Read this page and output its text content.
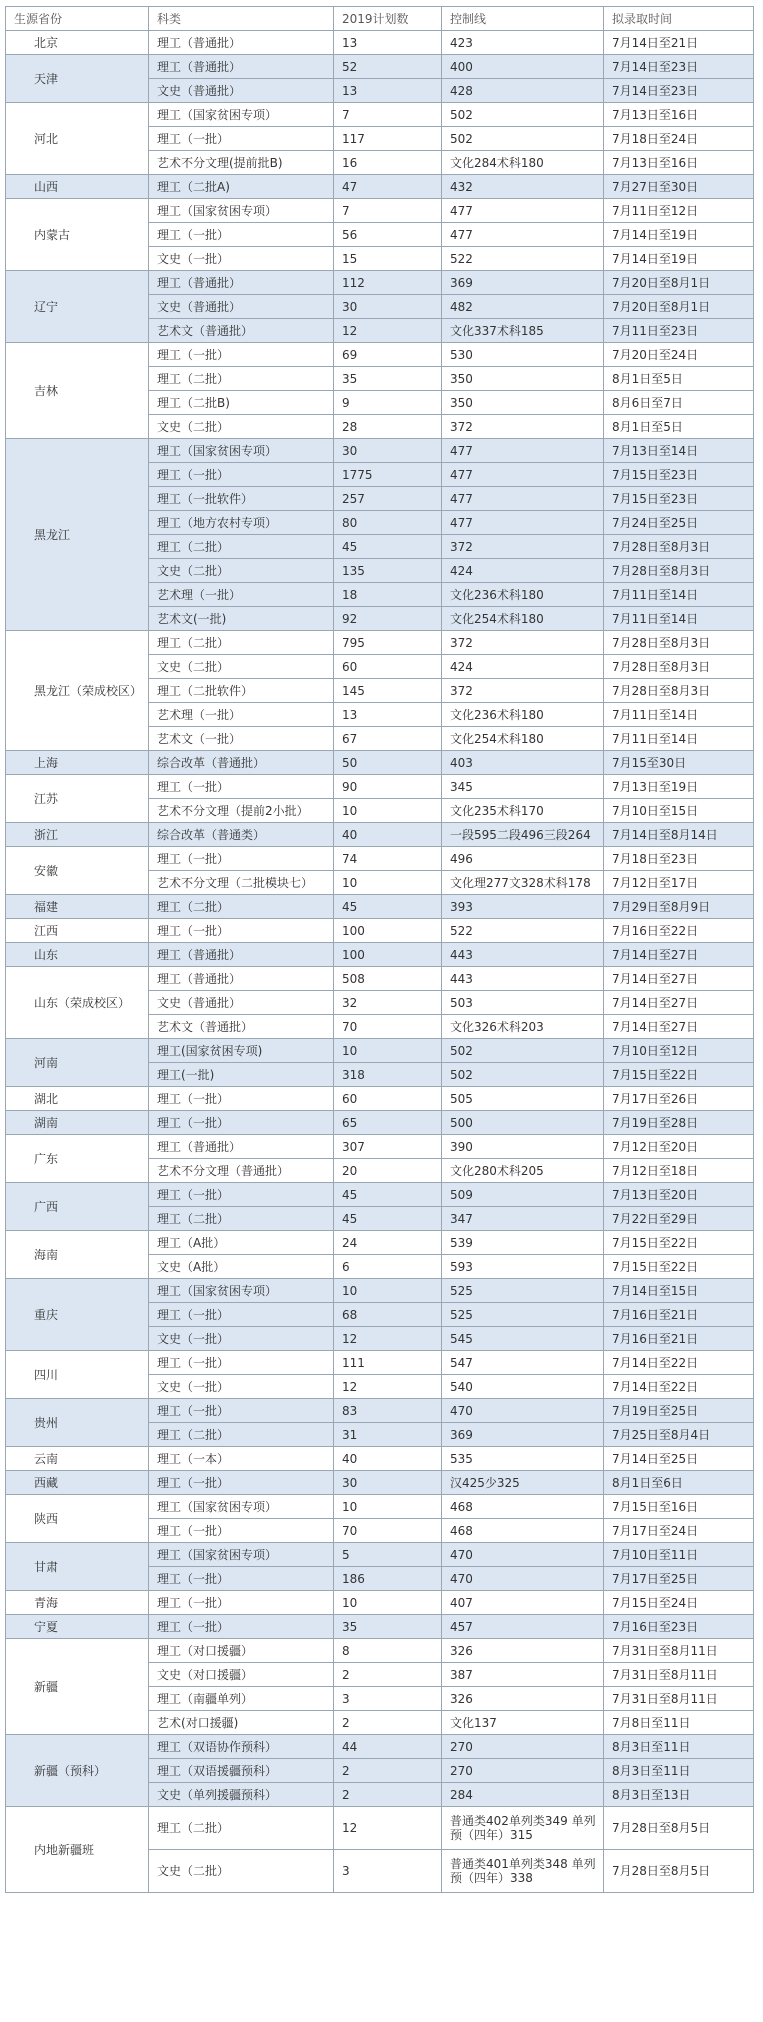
生源省份	科类	2019计划数	控制线	拟录取时间
北京	理工（普通批）	13	423	7月14日至21日
天津	理工（普通批）	52	400	7月14日至23日
	文史（普通批）	13	428	7月14日至23日
河北	理工（国家贫困专项）	7	502	7月13日至16日
	理工（一批）	117	502	7月18日至24日
	艺术不分文理(提前批B)	16	文化284术科180	7月13日至16日
山西	理工（二批A)	47	432	7月27日至30日
内蒙古	理工（国家贫困专项）	7	477	7月11日至12日
	理工（一批）	56	477	7月14日至19日
	文史（一批）	15	522	7月14日至19日
辽宁	理工（普通批）	112	369	7月20日至8月1日
	文史（普通批）	30	482	7月20日至8月1日
	艺术文（普通批）	12	文化337术科185	7月11日至23日
吉林	理工（一批）	69	530	7月20日至24日
	理工（二批）	35	350	8月1日至5日
	理工（二批B)	9	350	8月6日至7日
	文史（二批）	28	372	8月1日至5日
黑龙江	理工（国家贫困专项）	30	477	7月13日至14日
	理工（一批）	1775	477	7月15日至23日
	理工（一批软件）	257	477	7月15日至23日
	理工（地方农村专项）	80	477	7月24日至25日
	理工（二批）	45	372	7月28日至8月3日
	文史（二批）	135	424	7月28日至8月3日
	艺术理（一批）	18	文化236术科180	7月11日至14日
	艺术文(一批)	92	文化254术科180	7月11日至14日
黑龙江（荣成校区）	理工（二批）	795	372	7月28日至8月3日
	文史（二批）	60	424	7月28日至8月3日
	理工（二批软件）	145	372	7月28日至8月3日
	艺术理（一批）	13	文化236术科180	7月11日至14日
	艺术文（一批）	67	文化254术科180	7月11日至14日
上海	综合改革（普通批）	50	403	7月15至30日
江苏	理工（一批）	90	345	7月13日至19日
	艺术不分文理（提前2小批）	10	文化235术科170	7月10日至15日
浙江	综合改革（普通类）	40	一段595二段496三段264	7月14日至8月14日
安徽	理工（一批）	74	496	7月18日至23日
	艺术不分文理（二批模块七）	10	文化理277文328术科178	7月12日至17日
福建	理工（二批）	45	393	7月29日至8月9日
江西	理工（一批）	100	522	7月16日至22日
山东	理工（普通批）	100	443	7月14日至27日
山东（荣成校区）	理工（普通批）	508	443	7月14日至27日
	文史（普通批）	32	503	7月14日至27日
	艺术文（普通批）	70	文化326术科203	7月14日至27日
河南	理工(国家贫困专项)	10	502	7月10日至12日
	理工(一批)	318	502	7月15日至22日
湖北	理工（一批）	60	505	7月17日至26日
湖南	理工（一批）	65	500	7月19日至28日
广东	理工（普通批）	307	390	7月12日至20日
	艺术不分文理（普通批）	20	文化280术科205	7月12日至18日
广西	理工（一批）	45	509	7月13日至20日
	理工（二批）	45	347	7月22日至29日
海南	理工（A批）	24	539	7月15日至22日
	文史（A批）	6	593	7月15日至22日
重庆	理工（国家贫困专项）	10	525	7月14日至15日
	理工（一批）	68	525	7月16日至21日
	文史（一批）	12	545	7月16日至21日
四川	理工（一批）	111	547	7月14日至22日
	文史（一批）	12	540	7月14日至22日
贵州	理工（一批）	83	470	7月19日至25日
	理工（二批）	31	369	7月25日至8月4日
云南	理工（一本）	40	535	7月14日至25日
西藏	理工（一批）	30	汉425少325	8月1日至6日
陕西	理工（国家贫困专项）	10	468	7月15日至16日
	理工（一批）	70	468	7月17日至24日
甘肃	理工（国家贫困专项）	5	470	7月10日至11日
	理工（一批）	186	470	7月17日至25日
青海	理工（一批）	10	407	7月15日至24日
宁夏	理工（一批）	35	457	7月16日至23日
新疆	理工（对口援疆）	8	326	7月31日至8月11日
	文史（对口援疆）	2	387	7月31日至8月11日
	理工（南疆单列）	3	326	7月31日至8月11日
	艺术(对口援疆)	2	文化137	7月8日至11日
新疆（预科）	理工（双语协作预科）	44	270	8月3日至11日
	理工（双语援疆预科）	2	270	8月3日至11日
	文史（单列援疆预科）	2	284	8月3日至13日
内地新疆班	理工（二批）	12	普通类402单列类349 单列预（四年）315	7月28日至8月5日
	文史（二批）	3	普通类401单列类348 单列预（四年）338	7月28日至8月5日
